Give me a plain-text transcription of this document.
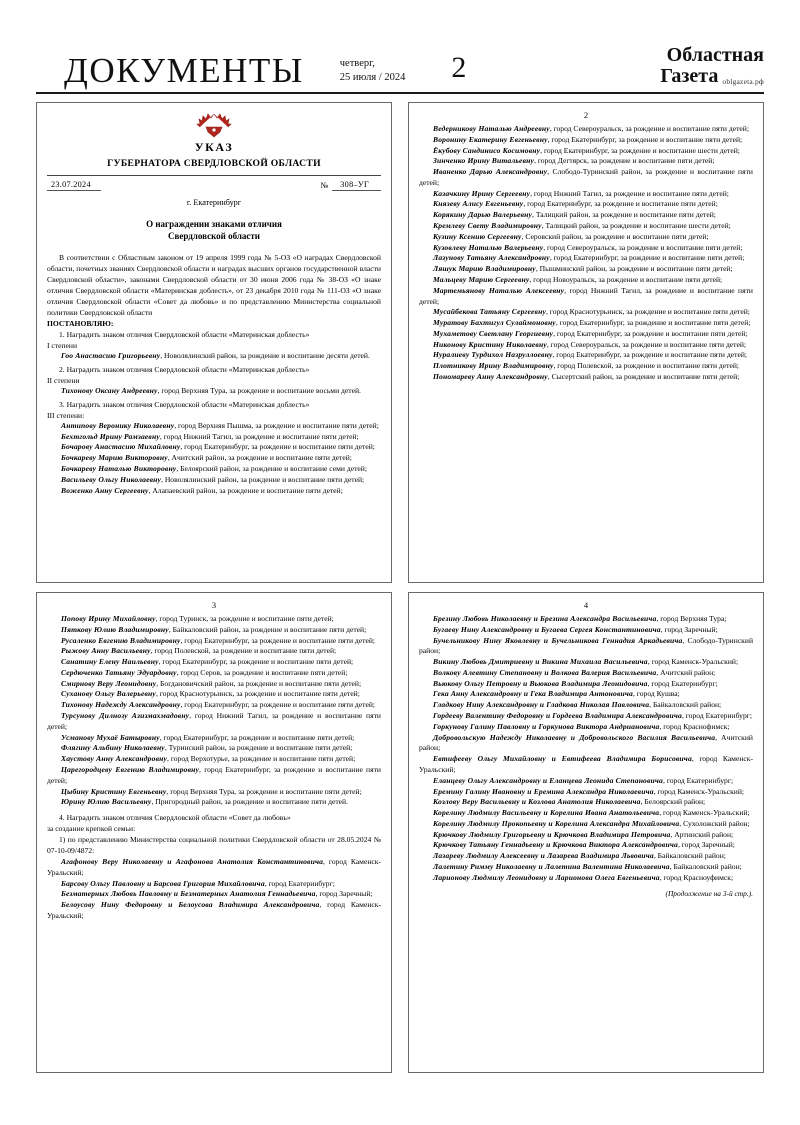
ДОКУМЕНТЫ	четверг,
25 июля / 2024	2	Областная
Газета oblgazeta.рф
УКАЗ
ГУБЕРНАТОРА СВЕРДЛОВСКОЙ ОБЛАСТИ
23.07.2024	№	308–УГ
г. Екатеринбург
О награждении знаками отличия
Свердловской области

В соответствии с Областным законом от 19 апреля 1999 года № 5-ОЗ «О наградах Свердловской области, почетных званиях Свердловской области и наградах высших органов государственной власти Свердловской области», законами Свердловской области от 30 июня 2006 года № 38-ОЗ «О знаке отличия Свердловской области «Материнская доблесть», от 23 декабря 2010 года № 111-ОЗ «О знаке отличия Свердловской области «Совет да любовь» и по представлению Министерства социальной политики Свердловской области

ПОСТАНОВЛЯЮ:

1. Наградить знаком отличия Свердловской области «Материнская доблесть»

I степени

Гоо Анастасию Григорьевну, Новолялинский район, за рождение и воспитание десяти детей.

2. Наградить знаком отличия Свердловской области «Материнская доблесть»

II степени

Тихонову Оксану Андреевну, город Верхняя Тура, за рождение и воспитание восьми детей.

3. Наградить знаком отличия Свердловской области «Материнская доблесть»

III степени:

Антипову Веронику Николаевну, город Верхняя Пышма, за рождение и воспитание пяти детей;

Бехтгольд Ирину Рамзаевну, город Нижний Тагил, за рождение и воспитание пяти детей;

Бочарову Анастасию Михайловну, город Екатеринбург, за рождение и воспитание пяти детей;

Бочкареву Марию Викторовну, Ачитский район, за рождение и воспитание пяти детей;

Бочкареву Наталью Викторовну, Белоярский район, за рождение и воспитание семи детей;

Васильеву Ольгу Николаевну, Новолялинский район, за рождение и воспитание пяти детей;

Воженко Анну Сергеевну, Алапаевский район, за рождение и воспитание пяти детей;

2

Ведерникову Наталью Андреевну, город Североуральск, за рождение и воспитание пяти детей;

Воронину Екатерину Евгеньевну, город Екатеринбург, за рождение и воспитание пяти детей;

Ёкубову Сандинисо Косимовну, город Екатеринбург, за рождение и воспитание шести детей;

Зинченко Ирину Витальевну, город Дегтярск, за рождение и воспитание пяти детей;

Иваненко Дарью Александровну, Слободо-Туринский район, за рождение и воспитание пяти детей;

Казачкину Ирину Сергеевну, город Нижний Тагил, за рождение и воспитание пяти детей;

Князеву Алису Евгеньевну, город Екатеринбург, за рождение и воспитание пяти детей;

Корякину Дарью Валерьевну, Талицкий район, за рождение и воспитание пяти детей;

Кремлеву Свету Владимировну, Талицкий район, за рождение и воспитание шести детей;

Кузину Ксению Сергеевну, Серовский район, за рождение и воспитание пяти детей;

Кузовлеву Наталью Валерьевну, город Североуральск, за рождение и воспитание пяти детей;

Лазунову Татьяну Александровну, город Екатеринбург, за рождение и воспитание пяти детей;

Ляшук Марию Владимировну, Пышминский район, за рождение и воспитание пяти детей;

Мальцеву Марию Сергеевну, город Новоуральск, за рождение и воспитание пяти детей;

Мартемьянову Наталью Алексеевну, город Нижний Тагил, за рождение и воспитание пяти детей;

Мусайбекова Татьяну Сергеевну, город Краснотурьинск, за рождение и воспитание пяти детей;

Муратову Бахтигул Сулаймоновну, город Екатеринбург, за рождение и воспитание пяти детей;

Мухаметову Светлану Георгиевну, город Екатеринбург, за рождение и воспитание пяти детей;

Никонову Кристину Николаевну, город Североуральск, за рождение и воспитание пяти детей;

Нуралиеву Турдихол Назруллоевну, город Екатеринбург, за рождение и воспитание пяти детей;

Плотникову Ирину Владимировну, город Полевской, за рождение и воспитание пяти детей;

Пономареву Анну Александровну, Сысертский район, за рождение и воспитание пяти детей;

3

Попову Ирину Михайловну, город Туринск, за рождение и воспитание пяти детей;

Пяткову Юлию Владимировну, Байкаловский район, за рождение и воспитание пяти детей;

Русаленко Евгению Владимировну, город Екатеринбург, за рождение и воспитание пяти детей;

Рыжову Анну Васильевну, город Полевской, за рождение и воспитание пяти детей;

Санатину Елену Наильевну, город Екатеринбург, за рождение и воспитание пяти детей;

Сердюченко Татьяну Эдуардовну, город Серов, за рождение и воспитание пяти детей;

Смирнову Веру Леонидовну, Богдановичский район, за рождение и воспитание пяти детей;

Суханову Ольгу Валерьевну, город Краснотурьинск, за рождение и воспитание пяти детей;

Тихонову Надежду Александровну, город Екатеринбург, за рождение и воспитание пяти детей;

Турсунову Дилнозу Азизмахмадовну, город Нижний Тагил, за рождение и воспитание пяти детей;

Усманову Мухаё Батыровну, город Екатеринбург, за рождение и воспитание пяти детей;

Флягину Альбину Николаевну, Туринский район, за рождение и воспитание пяти детей;

Хаустову Анну Александровну, город Верхотурье, за рождение и воспитание пяти детей;

Царегородцеву Евгению Владимировну, город Екатеринбург, за рождение и воспитание пяти детей;

Цыбину Кристину Евгеньевну, город Верхняя Тура, за рождение и воспитание пяти детей;

Юрину Юлию Васильевну, Пригородный район, за рождение и воспитание пяти детей.

4. Наградить знаком отличия Свердловской области «Совет да любовь»

за создание крепкой семьи:

1) по представлению Министерства социальной политики Свердловской области от 28.05.2024 № 07-10-09/4872:

Агафонову Веру Николаевну и Агафонова Анатолия Константиновича, город Каменск-Уральский;

Барсову Ольгу Павловну и Барсова Григория Михайловича, город Екатеринбург;

Безматерных Любовь Павловну и Безматерных Анатолия Геннадьевича, город Заречный;

Белоусову Нину Федоровну и Белоусова Владимира Александровича, город Каменск-Уральский;

4

Брезину Любовь Николаевну и Брезина Александра Васильевича, город Верхняя Тура;

Бугаеву Нину Александровну и Бугаева Сергея Константиновича, город Заречный;

Бучельникову Нину Яковлевну и Бучельникова Геннадия Аркадьевича, Слободо-Туринский район;

Викину Любовь Дмитриевну и Викина Михаила Васильевича, город Каменск-Уральский;

Волкову Алевтину Степановну и Волкова Валерия Васильевича, Ачитский район;

Вьюкову Ольгу Петровну и Вьюкова Владимира Леонидовича, город Екатеринбург;

Гека Анну Александровну и Гека Владимира Антоновича, город Кушва;

Гладкову Нину Александровну и Гладкова Николая Павловича, Байкаловский район;

Гордееву Валентину Федоровну и Гордеева Владимира Александровича, город Екатеринбург;

Горкунову Галину Павловну и Горкунова Виктора Андриановича, город Краснофимск;

Добровольскую Надежду Николаевну и Добровольского Василия Васильевича, Ачитский район;

Евтифееву Ольгу Михайловну и Евтифеева Владимира Борисовича, город Каменск-Уральский;

Еланцеву Ольгу Александровну и Еланцева Леонида Степановича, город Екатеринбург;

Еремину Галину Ивановну и Еремина Александра Николаевича, город Каменск-Уральский;

Козлову Веру Васильевну и Козлова Анатолия Николаевича, Белоярский район;

Корелину Людмилу Васильевну и Корелина Ивана Анатольевича, город Каменск-Уральский;

Корелину Людмилу Прокопьевну и Корелина Александра Михайловича, Сухоложский район;

Крючкову Людмилу Григорьевну и Крючкова Владимира Петровича, Артинский район;

Крючкову Татьяну Геннадьевну и Крючкова Виктора Александровича, город Заречный;

Лазареву Людмилу Алексеевну и Лазарева Владимира Львовича, Байкаловский район;

Лалетину Римму Николаевну и Лалетина Валентина Николаевича, Байкаловский район;

Ларионову Людмилу Леонидовну и Ларионова Олега Евгеньевича, город Красноуфимск;

(Продолжение на 3-й стр.).
